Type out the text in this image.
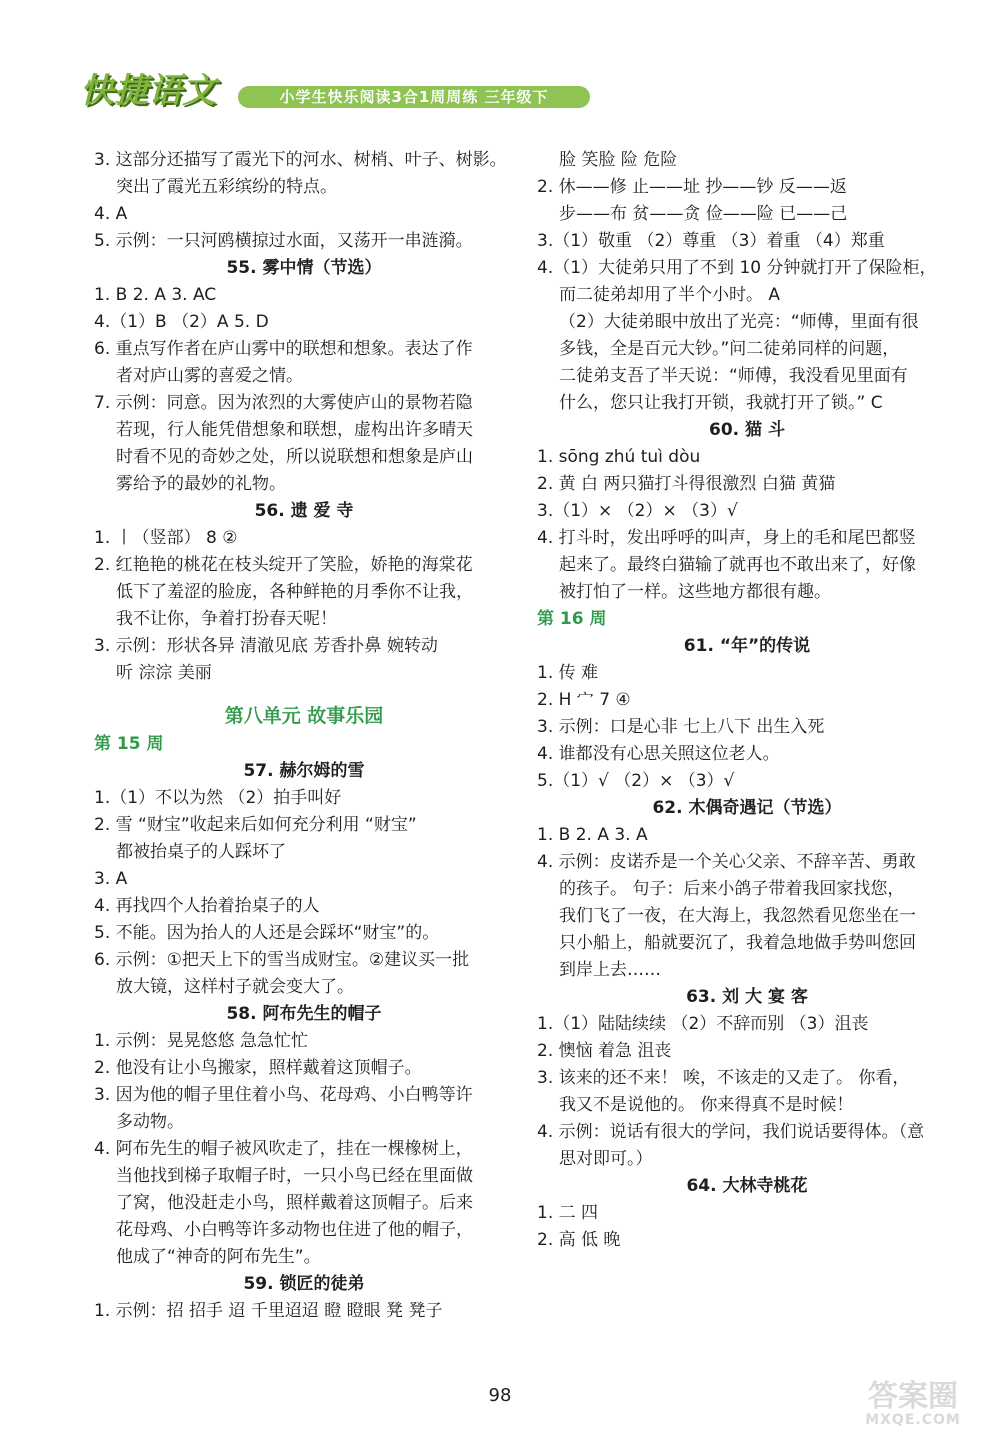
快捷语文	小学生快乐阅读3合1周周练 三年级下
3. 这部分还描写了霞光下的河水、树梢、叶子、树影。
突出了霞光五彩缤纷的特点。
4. A
5. 示例：一只河鸥横掠过水面，又荡开一串涟漪。
55. 雾中情（节选）
1. B 2. A 3. AC
4.（1）B （2）A 5. D
6. 重点写作者在庐山雾中的联想和想象。表达了作
者对庐山雾的喜爱之情。
7. 示例：同意。因为浓烈的大雾使庐山的景物若隐
若现，行人能凭借想象和联想，虚构出许多晴天
时看不见的奇妙之处，所以说联想和想象是庐山
雾给予的最妙的礼物。
56. 遗 爱 寺
1. 丨（竖部） 8 ②
2. 红艳艳的桃花在枝头绽开了笑脸，娇艳的海棠花
低下了羞涩的脸庞，各种鲜艳的月季你不让我，
我不让你，争着打扮春天呢！
3. 示例：形状各异 清澈见底 芳香扑鼻 婉转动
听 淙淙 美丽
第八单元 故事乐园
第 15 周
57. 赫尔姆的雪
1.（1）不以为然 （2）拍手叫好
2. 雪 “财宝”收起来后如何充分利用 “财宝”
都被抬桌子的人踩坏了
3. A
4. 再找四个人抬着抬桌子的人
5. 不能。因为抬人的人还是会踩坏“财宝”的。
6. 示例：①把天上下的雪当成财宝。②建议买一批
放大镜，这样村子就会变大了。
58. 阿布先生的帽子
1. 示例：晃晃悠悠 急急忙忙
2. 他没有让小鸟搬家，照样戴着这顶帽子。
3. 因为他的帽子里住着小鸟、花母鸡、小白鸭等许
多动物。
4. 阿布先生的帽子被风吹走了，挂在一棵橡树上，
当他找到梯子取帽子时，一只小鸟已经在里面做
了窝，他没赶走小鸟，照样戴着这顶帽子。后来
花母鸡、小白鸭等许多动物也住进了他的帽子，
他成了“神奇的阿布先生”。
59. 锁匠的徒弟
1. 示例：招 招手 迢 千里迢迢 瞪 瞪眼 凳 凳子
脸 笑脸 险 危险
2. 休——修 止——址 抄——钞 反——返
步——布 贫——贪 俭——险 已——己
3.（1）敬重 （2）尊重 （3）着重 （4）郑重
4.（1）大徒弟只用了不到 10 分钟就打开了保险柜，
而二徒弟却用了半个小时。 A
（2）大徒弟眼中放出了光亮：“师傅，里面有很
多钱，全是百元大钞。”问二徒弟同样的问题，
二徒弟支吾了半天说：“师傅，我没看见里面有
什么，您只让我打开锁，我就打开了锁。” C
60. 猫 斗
1. sōng zhú tuì dòu
2. 黄 白 两只猫打斗得很激烈 白猫 黄猫
3.（1）× （2）× （3）√
4. 打斗时，发出呼呼的叫声，身上的毛和尾巴都竖
起来了。最终白猫输了就再也不敢出来了，好像
被打怕了一样。这些地方都很有趣。
第 16 周
61. “年”的传说
1. 传 难
2. H 宀 7 ④
3. 示例：口是心非 七上八下 出生入死
4. 谁都没有心思关照这位老人。
5.（1）√ （2）× （3）√
62. 木偶奇遇记（节选）
1. B 2. A 3. A
4. 示例：皮诺乔是一个关心父亲、不辞辛苦、勇敢
的孩子。 句子：后来小鸽子带着我回家找您，
我们飞了一夜，在大海上，我忽然看见您坐在一
只小船上，船就要沉了，我着急地做手势叫您回
到岸上去……
63. 刘 大 宴 客
1.（1）陆陆续续 （2）不辞而别 （3）沮丧
2. 懊恼 着急 沮丧
3. 该来的还不来！ 唉，不该走的又走了。 你看，
我又不是说他的。 你来得真不是时候！
4. 示例：说话有很大的学问，我们说话要得体。（意
思对即可。）
64. 大林寺桃花
1. 二 四
2. 高 低 晚
98	答案圈
MXQE.COM
